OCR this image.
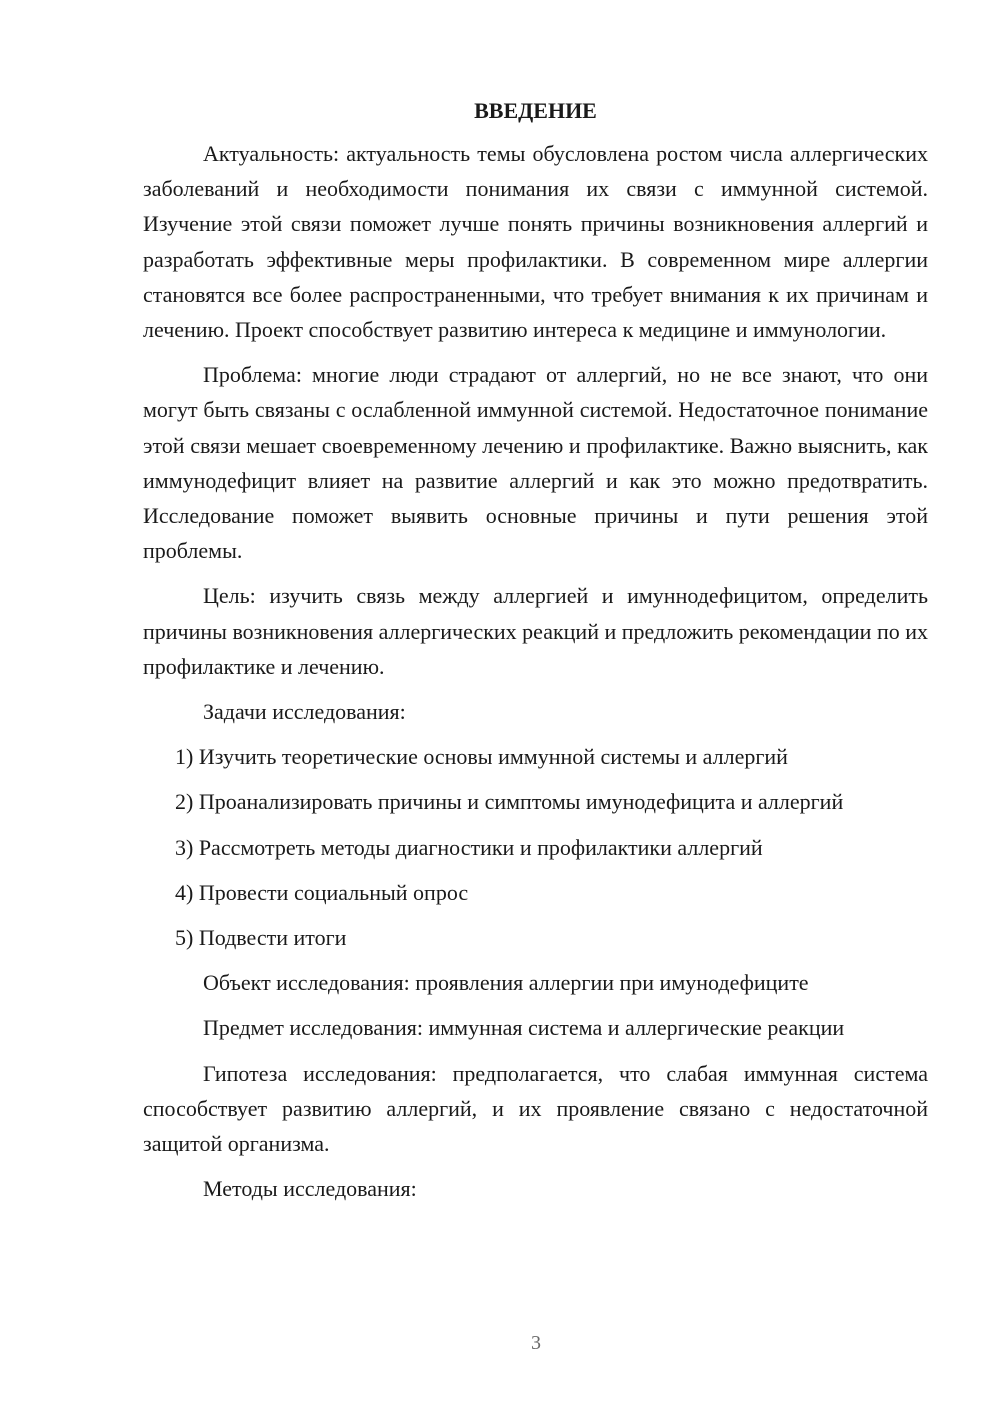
ВВЕДЕНИЕ

Актуальность: актуальность темы обусловлена ростом числа аллергических заболеваний и необходимости понимания их связи с иммунной системой. Изучение этой связи поможет лучше понять причины возникновения аллергий и разработать эффективные меры профилактики. В современном мире аллергии становятся все более распространенными, что требует внимания к их причинам и лечению. Проект способствует развитию интереса к медицине и иммунологии.

Проблема: многие люди страдают от аллергий, но не все знают, что они могут быть связаны с ослабленной иммунной системой. Недостаточное понимание этой связи мешает своевременному лечению и профилактике. Важно выяснить, как иммунодефицит влияет на развитие аллергий и как это можно предотвратить. Исследование поможет выявить основные причины и пути решения этой проблемы.

Цель: изучить связь между аллергией и имуннодефицитом, определить причины возникновения аллергических реакций и предложить рекомендации по их профилактике и лечению.

Задачи исследования:

1) Изучить теоретические основы иммунной системы и аллергий

2) Проанализировать причины и симптомы имунодефицита и аллергий

3) Рассмотреть методы диагностики и профилактики аллергий

4) Провести социальный опрос

5) Подвести итоги

Объект исследования: проявления аллергии при имунодефиците

Предмет исследования: иммунная система и аллергические реакции

Гипотеза исследования: предполагается, что слабая иммунная система способствует развитию аллергий, и их проявление связано с недостаточной защитой организма.

Методы исследования:

3
